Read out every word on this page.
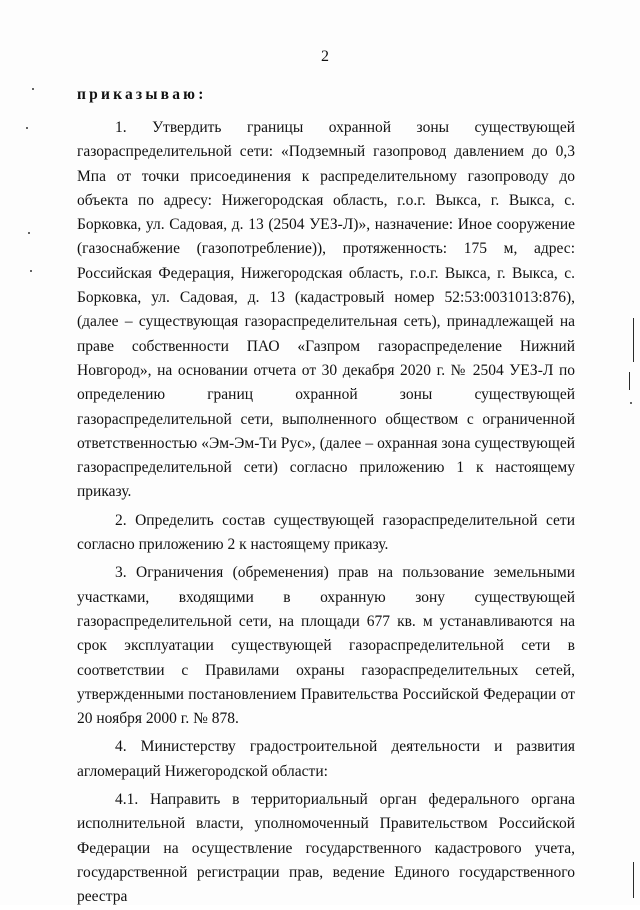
2
приказываю:

1. Утвердить границы охранной зоны существующей газораспределительной сети: «Подземный газопровод давлением до 0,3 Мпа от точки присоединения к распределительному газопроводу до объекта по адресу: Нижегородская область, г.о.г. Выкса, г. Выкса, с. Борковка, ул. Садовая, д. 13 (2504 УЕЗ-Л)», назначение: Иное сооружение (газоснабжение (газопотребление)), протяженность: 175 м, адрес: Российская Федерация, Нижегородская область, г.о.г. Выкса, г. Выкса, с. Борковка, ул. Садовая, д. 13 (кадастровый номер 52:53:0031013:876), (далее – существующая газораспределительная сеть), принадлежащей на праве собственности ПАО «Газпром газораспределение Нижний Новгород», на основании отчета от 30 декабря 2020 г. № 2504 УЕЗ-Л по определению границ охранной зоны существующей газораспределительной сети, выполненного обществом с ограниченной ответственностью «Эм-Эм-Ти Рус», (далее – охранная зона существующей газораспределительной сети) согласно приложению 1 к настоящему приказу.

2. Определить состав существующей газораспределительной сети согласно приложению 2 к настоящему приказу.

3. Ограничения (обременения) прав на пользование земельными участками, входящими в охранную зону существующей газораспределительной сети, на площади 677 кв. м устанавливаются на срок эксплуатации существующей газораспределительной сети в соответствии с Правилами охраны газораспределительных сетей, утвержденными постановлением Правительства Российской Федерации от 20 ноября 2000 г. № 878.

4. Министерству градостроительной деятельности и развития агломераций Нижегородской области:

4.1. Направить в территориальный орган федерального органа исполнительной власти, уполномоченный Правительством Российской Федерации на осуществление государственного кадастрового учета, государственной регистрации прав, ведение Единого государственного реестра
